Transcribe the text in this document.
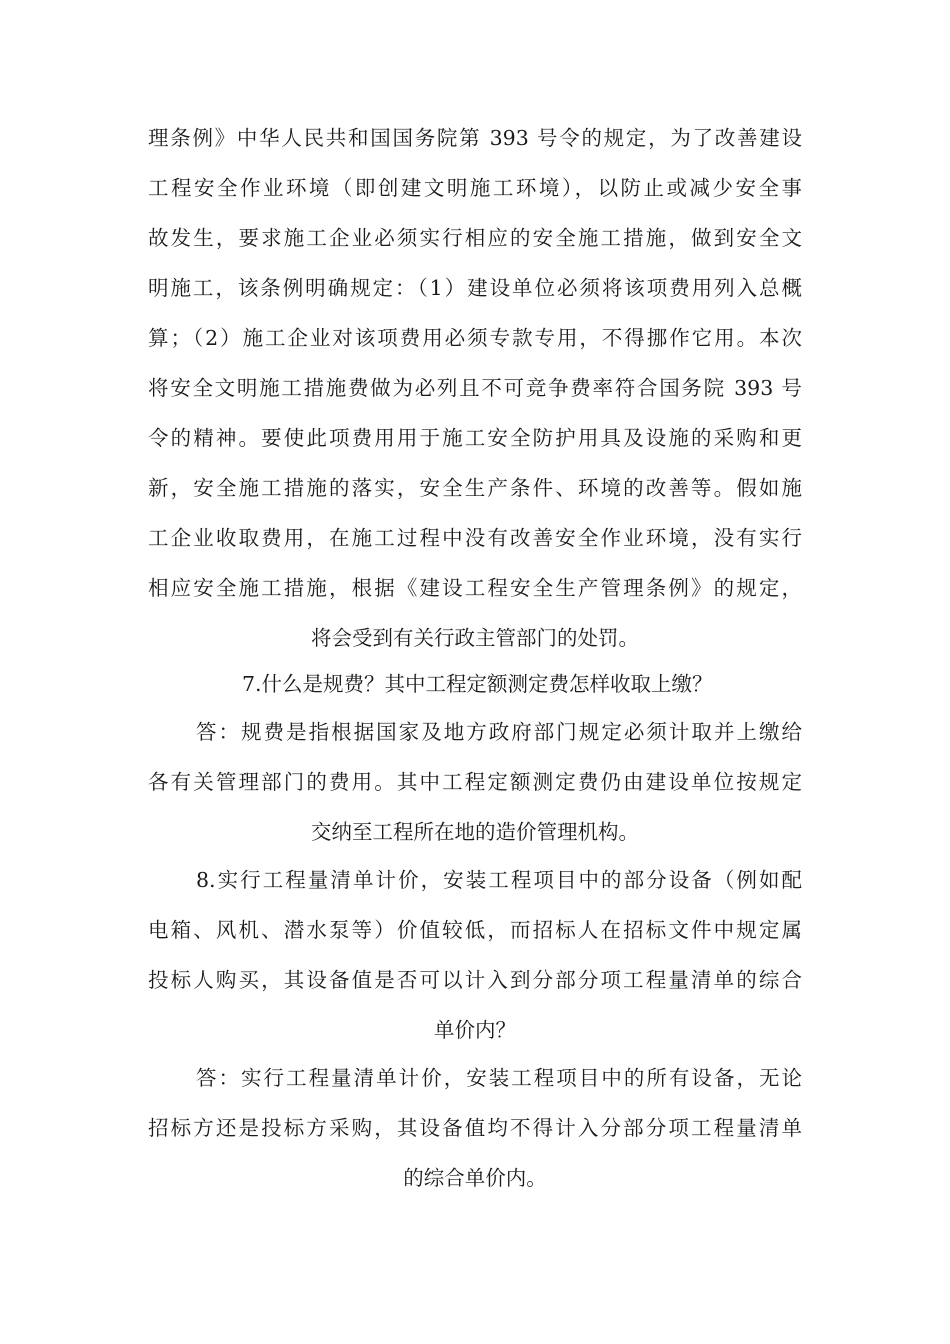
理条例》中华人民共和国国务院第 393 号令的规定，为了改善建设
工程安全作业环境（即创建文明施工环境），以防止或减少安全事
故发生，要求施工企业必须实行相应的安全施工措施，做到安全文
明施工，该条例明确规定：（1）建设单位必须将该项费用列入总概
算；（2）施工企业对该项费用必须专款专用，不得挪作它用。本次
将安全文明施工措施费做为必列且不可竞争费率符合国务院 393 号
令的精神。要使此项费用用于施工安全防护用具及设施的采购和更
新，安全施工措施的落实，安全生产条件、环境的改善等。假如施
工企业收取费用，在施工过程中没有改善安全作业环境，没有实行
相应安全施工措施，根据《建设工程安全生产管理条例》的规定，
将会受到有关行政主管部门的处罚。
7.什么是规费？其中工程定额测定费怎样收取上缴？
答：规费是指根据国家及地方政府部门规定必须计取并上缴给
各有关管理部门的费用。其中工程定额测定费仍由建设单位按规定
交纳至工程所在地的造价管理机构。
8.实行工程量清单计价，安装工程项目中的部分设备（例如配
电箱、风机、潜水泵等）价值较低，而招标人在招标文件中规定属
投标人购买，其设备值是否可以计入到分部分项工程量清单的综合
单价内？
答：实行工程量清单计价，安装工程项目中的所有设备，无论
招标方还是投标方采购，其设备值均不得计入分部分项工程量清单
的综合单价内。
